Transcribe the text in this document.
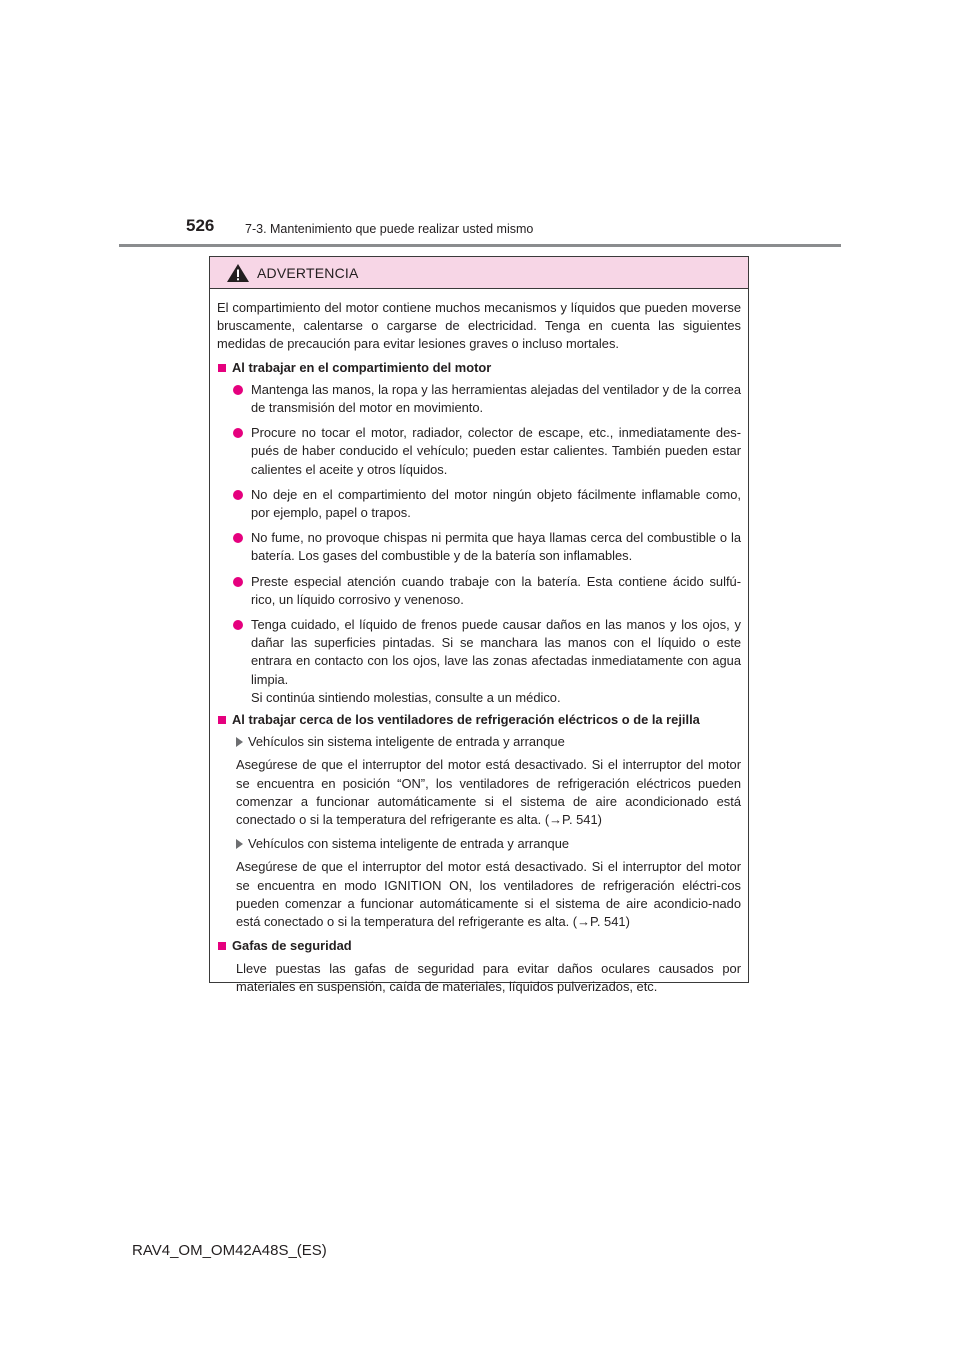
526 7-3. Mantenimiento que puede realizar usted mismo
ADVERTENCIA

El compartimiento del motor contiene muchos mecanismos y líquidos que pueden moverse bruscamente, calentarse o cargarse de electricidad. Tenga en cuenta las siguientes medidas de precaución para evitar lesiones graves o incluso mortales.

Al trabajar en el compartimiento del motor
Mantenga las manos, la ropa y las herramientas alejadas del ventilador y de la correa de transmisión del motor en movimiento.
Procure no tocar el motor, radiador, colector de escape, etc., inmediatamente des-pués de haber conducido el vehículo; pueden estar calientes. También pueden estar calientes el aceite y otros líquidos.
No deje en el compartimiento del motor ningún objeto fácilmente inflamable como, por ejemplo, papel o trapos.
No fume, no provoque chispas ni permita que haya llamas cerca del combustible o la batería. Los gases del combustible y de la batería son inflamables.
Preste especial atención cuando trabaje con la batería. Esta contiene ácido sulfú-rico, un líquido corrosivo y venenoso.
Tenga cuidado, el líquido de frenos puede causar daños en las manos y los ojos, y dañar las superficies pintadas. Si se manchara las manos con el líquido o este entrara en contacto con los ojos, lave las zonas afectadas inmediatamente con agua limpia.
Si continúa sintiendo molestias, consulte a un médico.
Al trabajar cerca de los ventiladores de refrigeración eléctricos o de la rejilla
Vehículos sin sistema inteligente de entrada y arranque

Asegúrese de que el interruptor del motor está desactivado. Si el interruptor del motor se encuentra en posición “ON”, los ventiladores de refrigeración eléctricos pueden comenzar a funcionar automáticamente si el sistema de aire acondicionado está conectado o si la temperatura del refrigerante es alta. (→P. 541)

Vehículos con sistema inteligente de entrada y arranque

Asegúrese de que el interruptor del motor está desactivado. Si el interruptor del motor se encuentra en modo IGNITION ON, los ventiladores de refrigeración eléctri-cos pueden comenzar a funcionar automáticamente si el sistema de aire acondicio-nado está conectado o si la temperatura del refrigerante es alta. (→P. 541)

Gafas de seguridad

Lleve puestas las gafas de seguridad para evitar daños oculares causados por materiales en suspensión, caída de materiales, líquidos pulverizados, etc.

RAV4_OM_OM42A48S_(ES)
